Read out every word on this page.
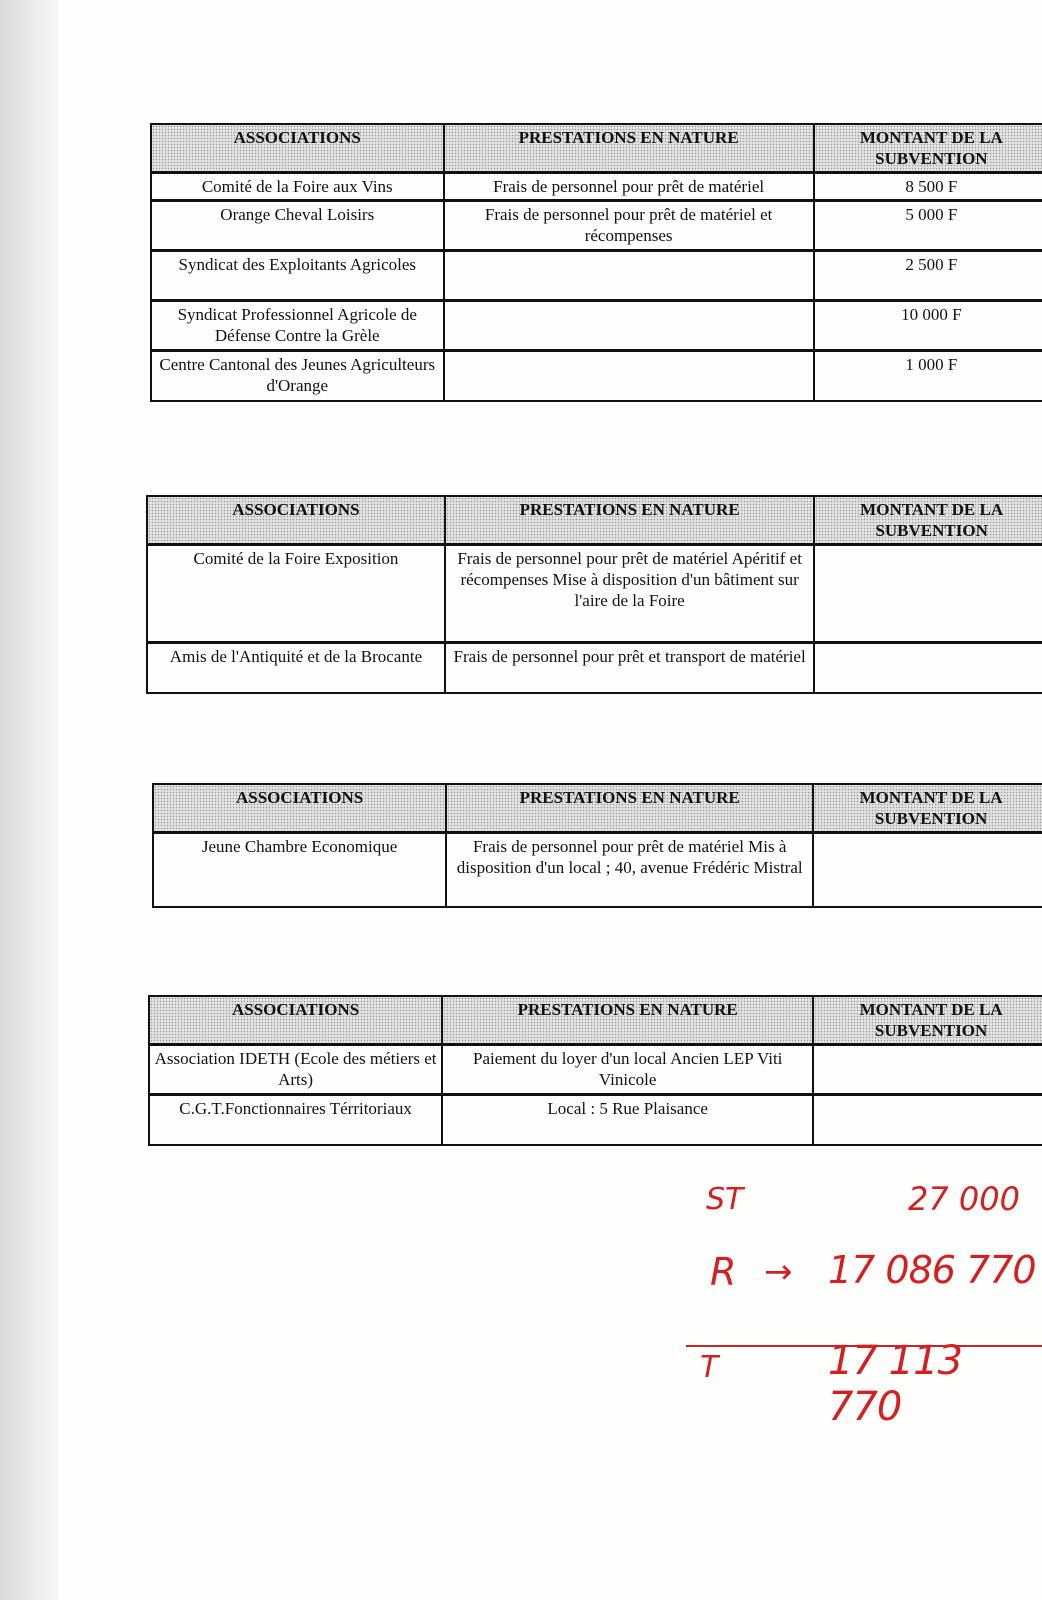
ASSOCIATIONS	PRESTATIONS EN NATURE	MONTANT DE LA SUBVENTION
Comité de la Foire aux Vins	Frais de personnel pour prêt de matériel	8 500 F
Orange Cheval Loisirs	Frais de personnel pour prêt de matériel et récompenses	5 000 F
Syndicat des Exploitants Agricoles		2 500 F
Syndicat Professionnel Agricole de Défense Contre la Grèle		10 000 F
Centre Cantonal des Jeunes Agriculteurs d'Orange		1 000 F
ASSOCIATIONS	PRESTATIONS EN NATURE	MONTANT DE LA SUBVENTION
Comité de la Foire Exposition	Frais de personnel pour prêt de matériel Apéritif et récompenses Mise à disposition d'un bâtiment sur l'aire de la Foire	
Amis de l'Antiquité et de la Brocante	Frais de personnel pour prêt et transport de matériel	
ASSOCIATIONS	PRESTATIONS EN NATURE	MONTANT DE LA SUBVENTION
Jeune Chambre Economique	Frais de personnel pour prêt de matériel Mis à disposition d'un local ; 40, avenue Frédéric Mistral	
ASSOCIATIONS	PRESTATIONS EN NATURE	MONTANT DE LA SUBVENTION
Association IDETH (Ecole des métiers et Arts)	Paiement du loyer d'un local Ancien LEP Viti Vinicole	
C.G.T.Fonctionnaires Térritoriaux	Local : 5 Rue Plaisance	
ST	27 000
R → 17 086 770
T	17 113 770
